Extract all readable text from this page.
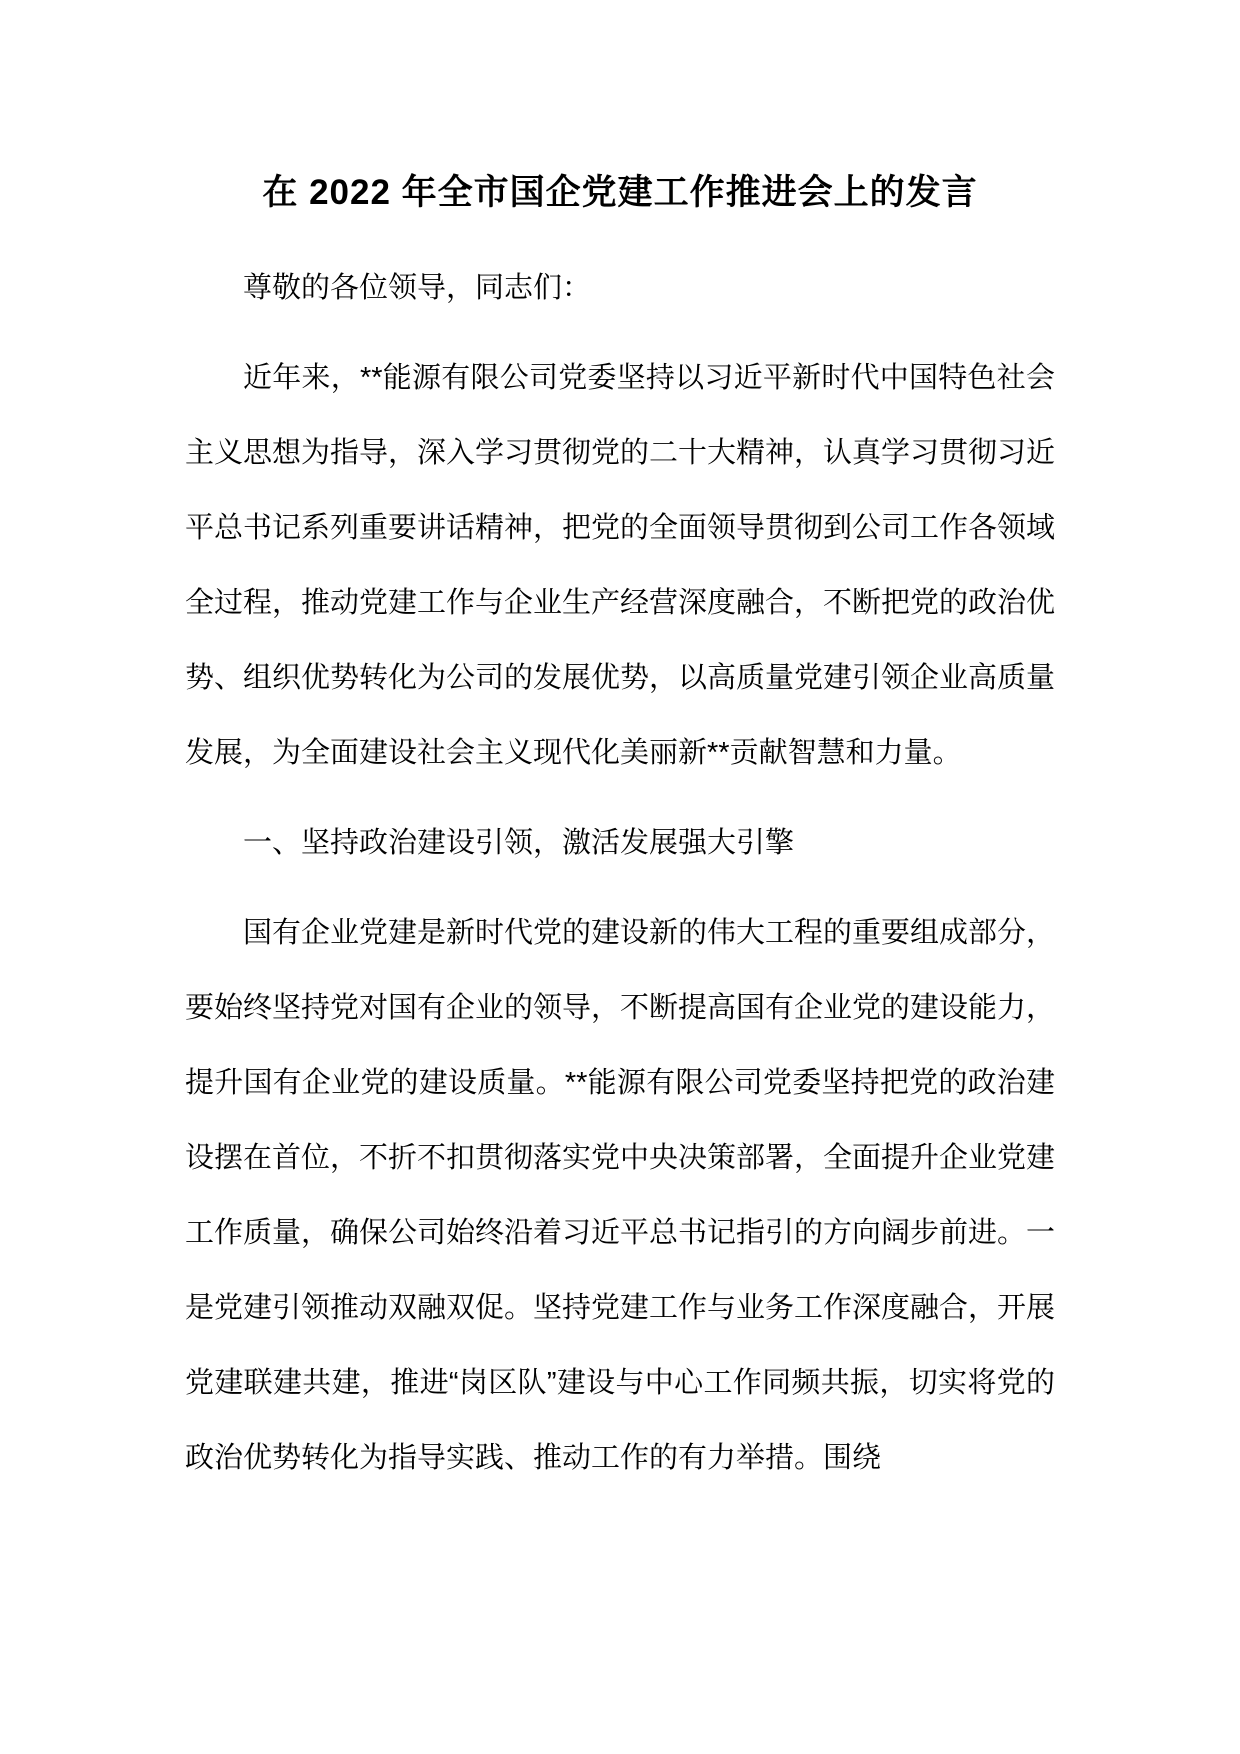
在 2022 年全市国企党建工作推进会上的发言

尊敬的各位领导，同志们：

近年来，**能源有限公司党委坚持以习近平新时代中国特色社会主义思想为指导，深入学习贯彻党的二十大精神，认真学习贯彻习近平总书记系列重要讲话精神，把党的全面领导贯彻到公司工作各领域全过程，推动党建工作与企业生产经营深度融合，不断把党的政治优势、组织优势转化为公司的发展优势，以高质量党建引领企业高质量发展，为全面建设社会主义现代化美丽新**贡献智慧和力量。

一、坚持政治建设引领，激活发展强大引擎

国有企业党建是新时代党的建设新的伟大工程的重要组成部分，要始终坚持党对国有企业的领导，不断提高国有企业党的建设能力，提升国有企业党的建设质量。**能源有限公司党委坚持把党的政治建设摆在首位，不折不扣贯彻落实党中央决策部署，全面提升企业党建工作质量，确保公司始终沿着习近平总书记指引的方向阔步前进。一是党建引领推动双融双促。坚持党建工作与业务工作深度融合，开展党建联建共建，推进“岗区队”建设与中心工作同频共振，切实将党的政治优势转化为指导实践、推动工作的有力举措。围绕
